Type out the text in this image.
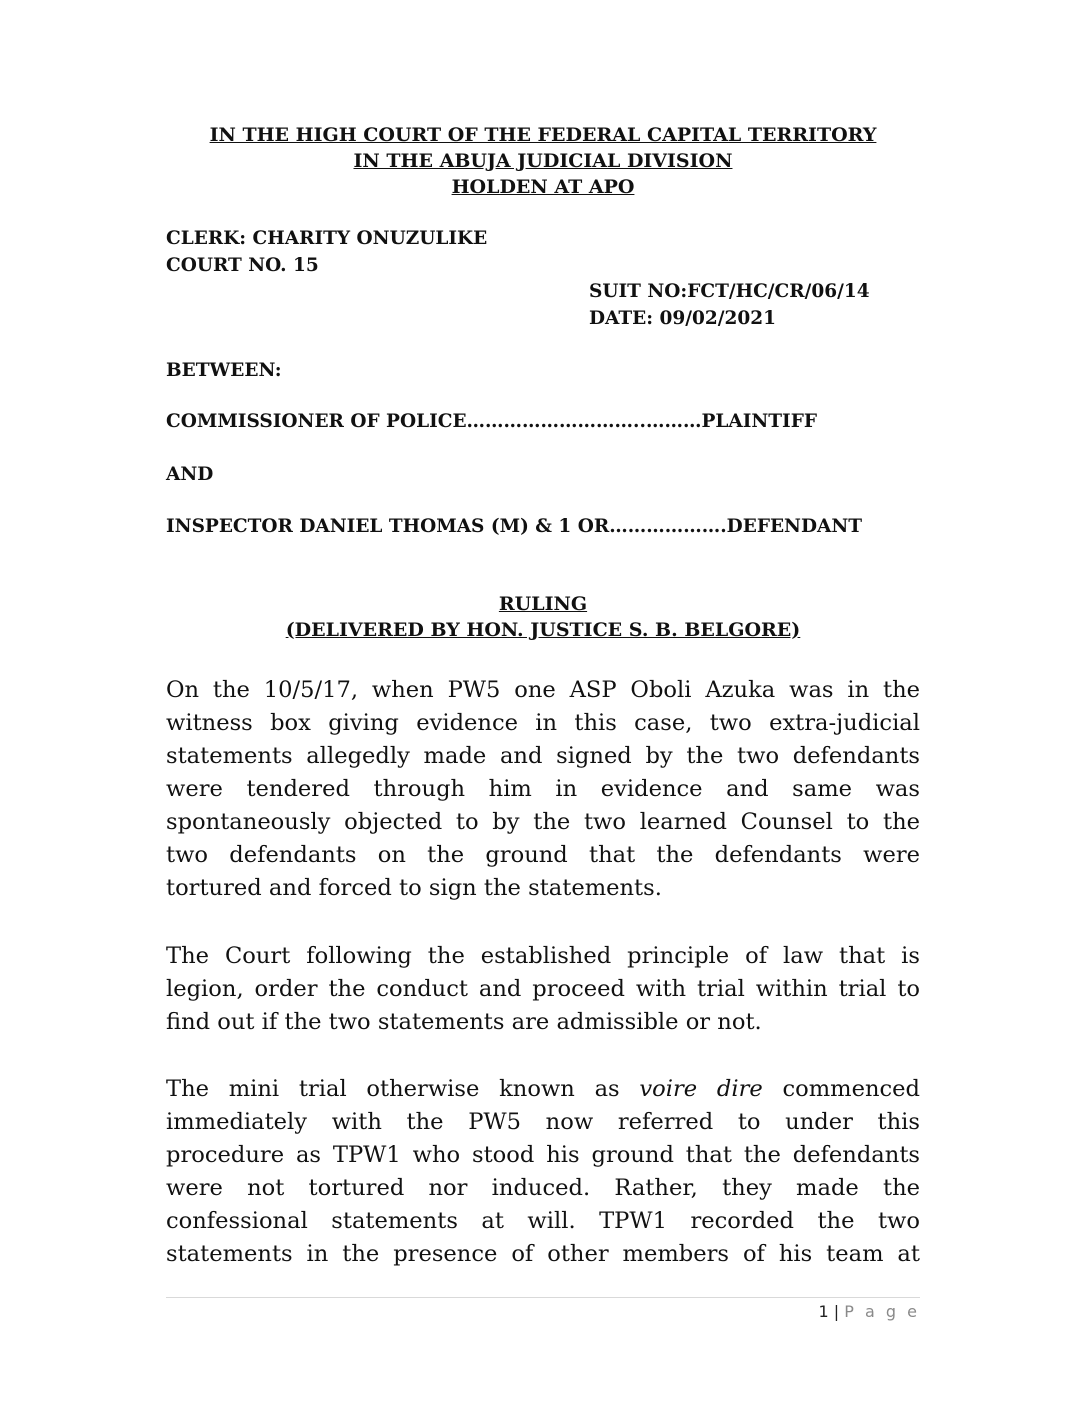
IN THE HIGH COURT OF THE FEDERAL CAPITAL TERRITORY
IN THE ABUJA JUDICIAL DIVISION
HOLDEN AT APO
CLERK: CHARITY ONUZULIKE
COURT NO. 15
SUIT NO:FCT/HC/CR/06/14
DATE: 09/02/2021
BETWEEN:
COMMISSIONER OF POLICE………………………..………PLAINTIFF
AND
INSPECTOR DANIEL THOMAS (M) & 1 OR……………….DEFENDANT
RULING
(DELIVERED BY HON. JUSTICE S. B. BELGORE)
On the 10/5/17, when PW5 one ASP Oboli Azuka was in the
witness box giving evidence in this case, two extra-judicial
statements allegedly made and signed by the two defendants
were tendered through him in evidence and same was
spontaneously objected to by the two learned Counsel to the
two defendants on the ground that the defendants were
tortured and forced to sign the statements.
The Court following the established principle of law that is
legion, order the conduct and proceed with trial within trial to
find out if the two statements are admissible or not.
The mini trial otherwise known as voire dire commenced
immediately with the PW5 now referred to under this
procedure as TPW1 who stood his ground that the defendants
were not tortured nor induced. Rather, they made the
confessional statements at will. TPW1 recorded the two
statements in the presence of other members of his team at
1 | P a g e
